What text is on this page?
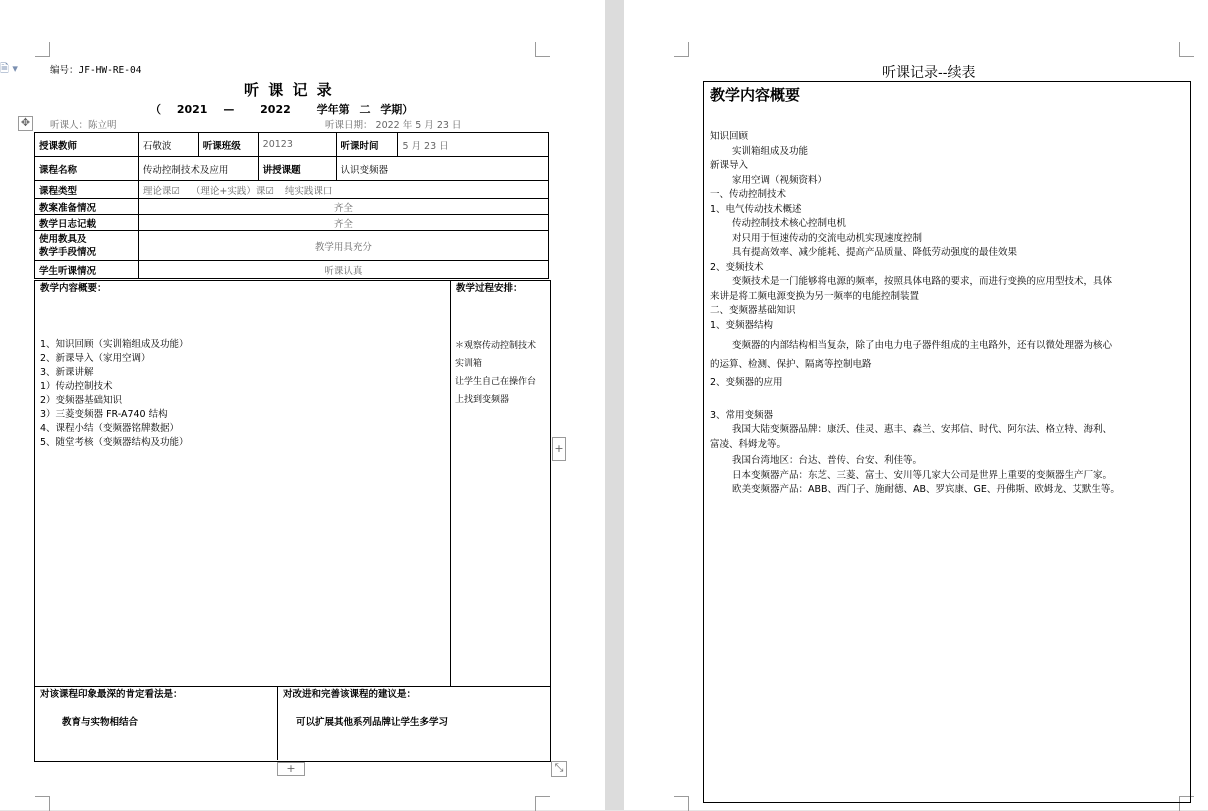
🗎 ▾	编号：JF-HW-RE-04
听 课 记 录
（ 2021 — 2022 学年第 二 学期）
✥	听课人：陈立明	听课日期： 2022 年 5 月 23 日
授课教师	石敬波	听课班级	20123	听课时间	5 月 23 日
课程名称	传动控制技术及应用		讲授课题	认识变频器	
课程类型	理论课☑ （理论+实践）课☑ 纯实践课口				
教案准备情况	齐全				
教学日志记载	齐全				

使用教具及
教学手段情况	教学用具充分				
学生听课情况	听课认真				
教学内容概要：
1、知识回顾（实训箱组成及功能）
2、新课导入（家用空调）
3、新课讲解
1）传动控制技术
2）变频器基础知识
3）三菱变频器 FR-A740 结构
4、课程小结（变频器铭牌数据）
5、随堂考核（变频器结构及功能）
教学过程安排：
＊观察传动控制技术
实训箱
让学生自己在操作台
上找到变频器
对该课程印象最深的肯定看法是：
教育与实物相结合
对改进和完善该课程的建议是：
可以扩展其他系列品牌让学生多学习
+
+	⤡
听课记录--续表
教学内容概要
知识回顾
实训箱组成及功能
新课导入
家用空调（视频资料）
一、传动控制技术
1、电气传动技术概述
传动控制技术核心控制电机
对只用于恒速传动的交流电动机实现速度控制
具有提高效率、减少能耗、提高产品质量、降低劳动强度的最佳效果
2、变频技术
变频技术是一门能够将电源的频率，按照具体电路的要求，而进行变换的应用型技术，具体
来讲是将工频电源变换为另一频率的电能控制装置
二、变频器基础知识
1、变频器结构
变频器的内部结构相当复杂，除了由电力电子器件组成的主电路外，还有以微处理器为核心
的运算、检测、保护、隔离等控制电路
2、变频器的应用
3、常用变频器
我国大陆变频器品牌：康沃、佳灵、惠丰、森兰、安邦信、时代、阿尔法、格立特、海利、
富凌、科姆龙等。
我国台湾地区：台达、普传、台安、利佳等。
日本变频器产品：东芝、三菱、富士、安川等几家大公司是世界上重要的变频器生产厂家。
欧美变频器产品：ABB、西门子、施耐德、AB、罗宾康、GE、丹佛斯、欧姆龙、艾默生等。
